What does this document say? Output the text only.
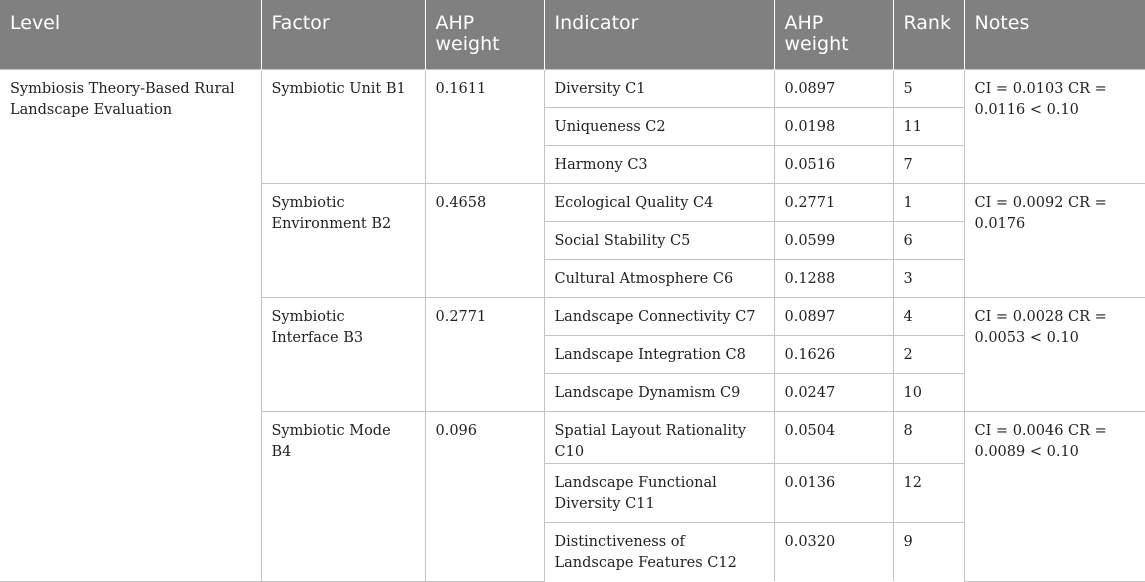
Level	Factor	AHP weight	Indicator	AHP weight	Rank	Notes
Symbiosis Theory-Based Rural Landscape Evaluation	Symbiotic Unit B1	0.1611	Diversity C1	0.0897	5	CI = 0.0103 CR = 0.0116 < 0.10
			Uniqueness C2	0.0198	11	
			Harmony C3	0.0516	7	
	Symbiotic Environment B2	0.4658	Ecological Quality C4	0.2771	1	CI = 0.0092 CR = 0.0176
			Social Stability C5	0.0599	6	
			Cultural Atmosphere C6	0.1288	3	
	Symbiotic Interface B3	0.2771	Landscape Connectivity C7	0.0897	4	CI = 0.0028 CR = 0.0053 < 0.10
			Landscape Integration C8	0.1626	2	
			Landscape Dynamism C9	0.0247	10	
	Symbiotic Mode B4	0.096	Spatial Layout Rationality C10	0.0504	8	CI = 0.0046 CR = 0.0089 < 0.10
			Landscape Functional Diversity C11	0.0136	12	
			Distinctiveness of Landscape Features C12	0.0320	9	
